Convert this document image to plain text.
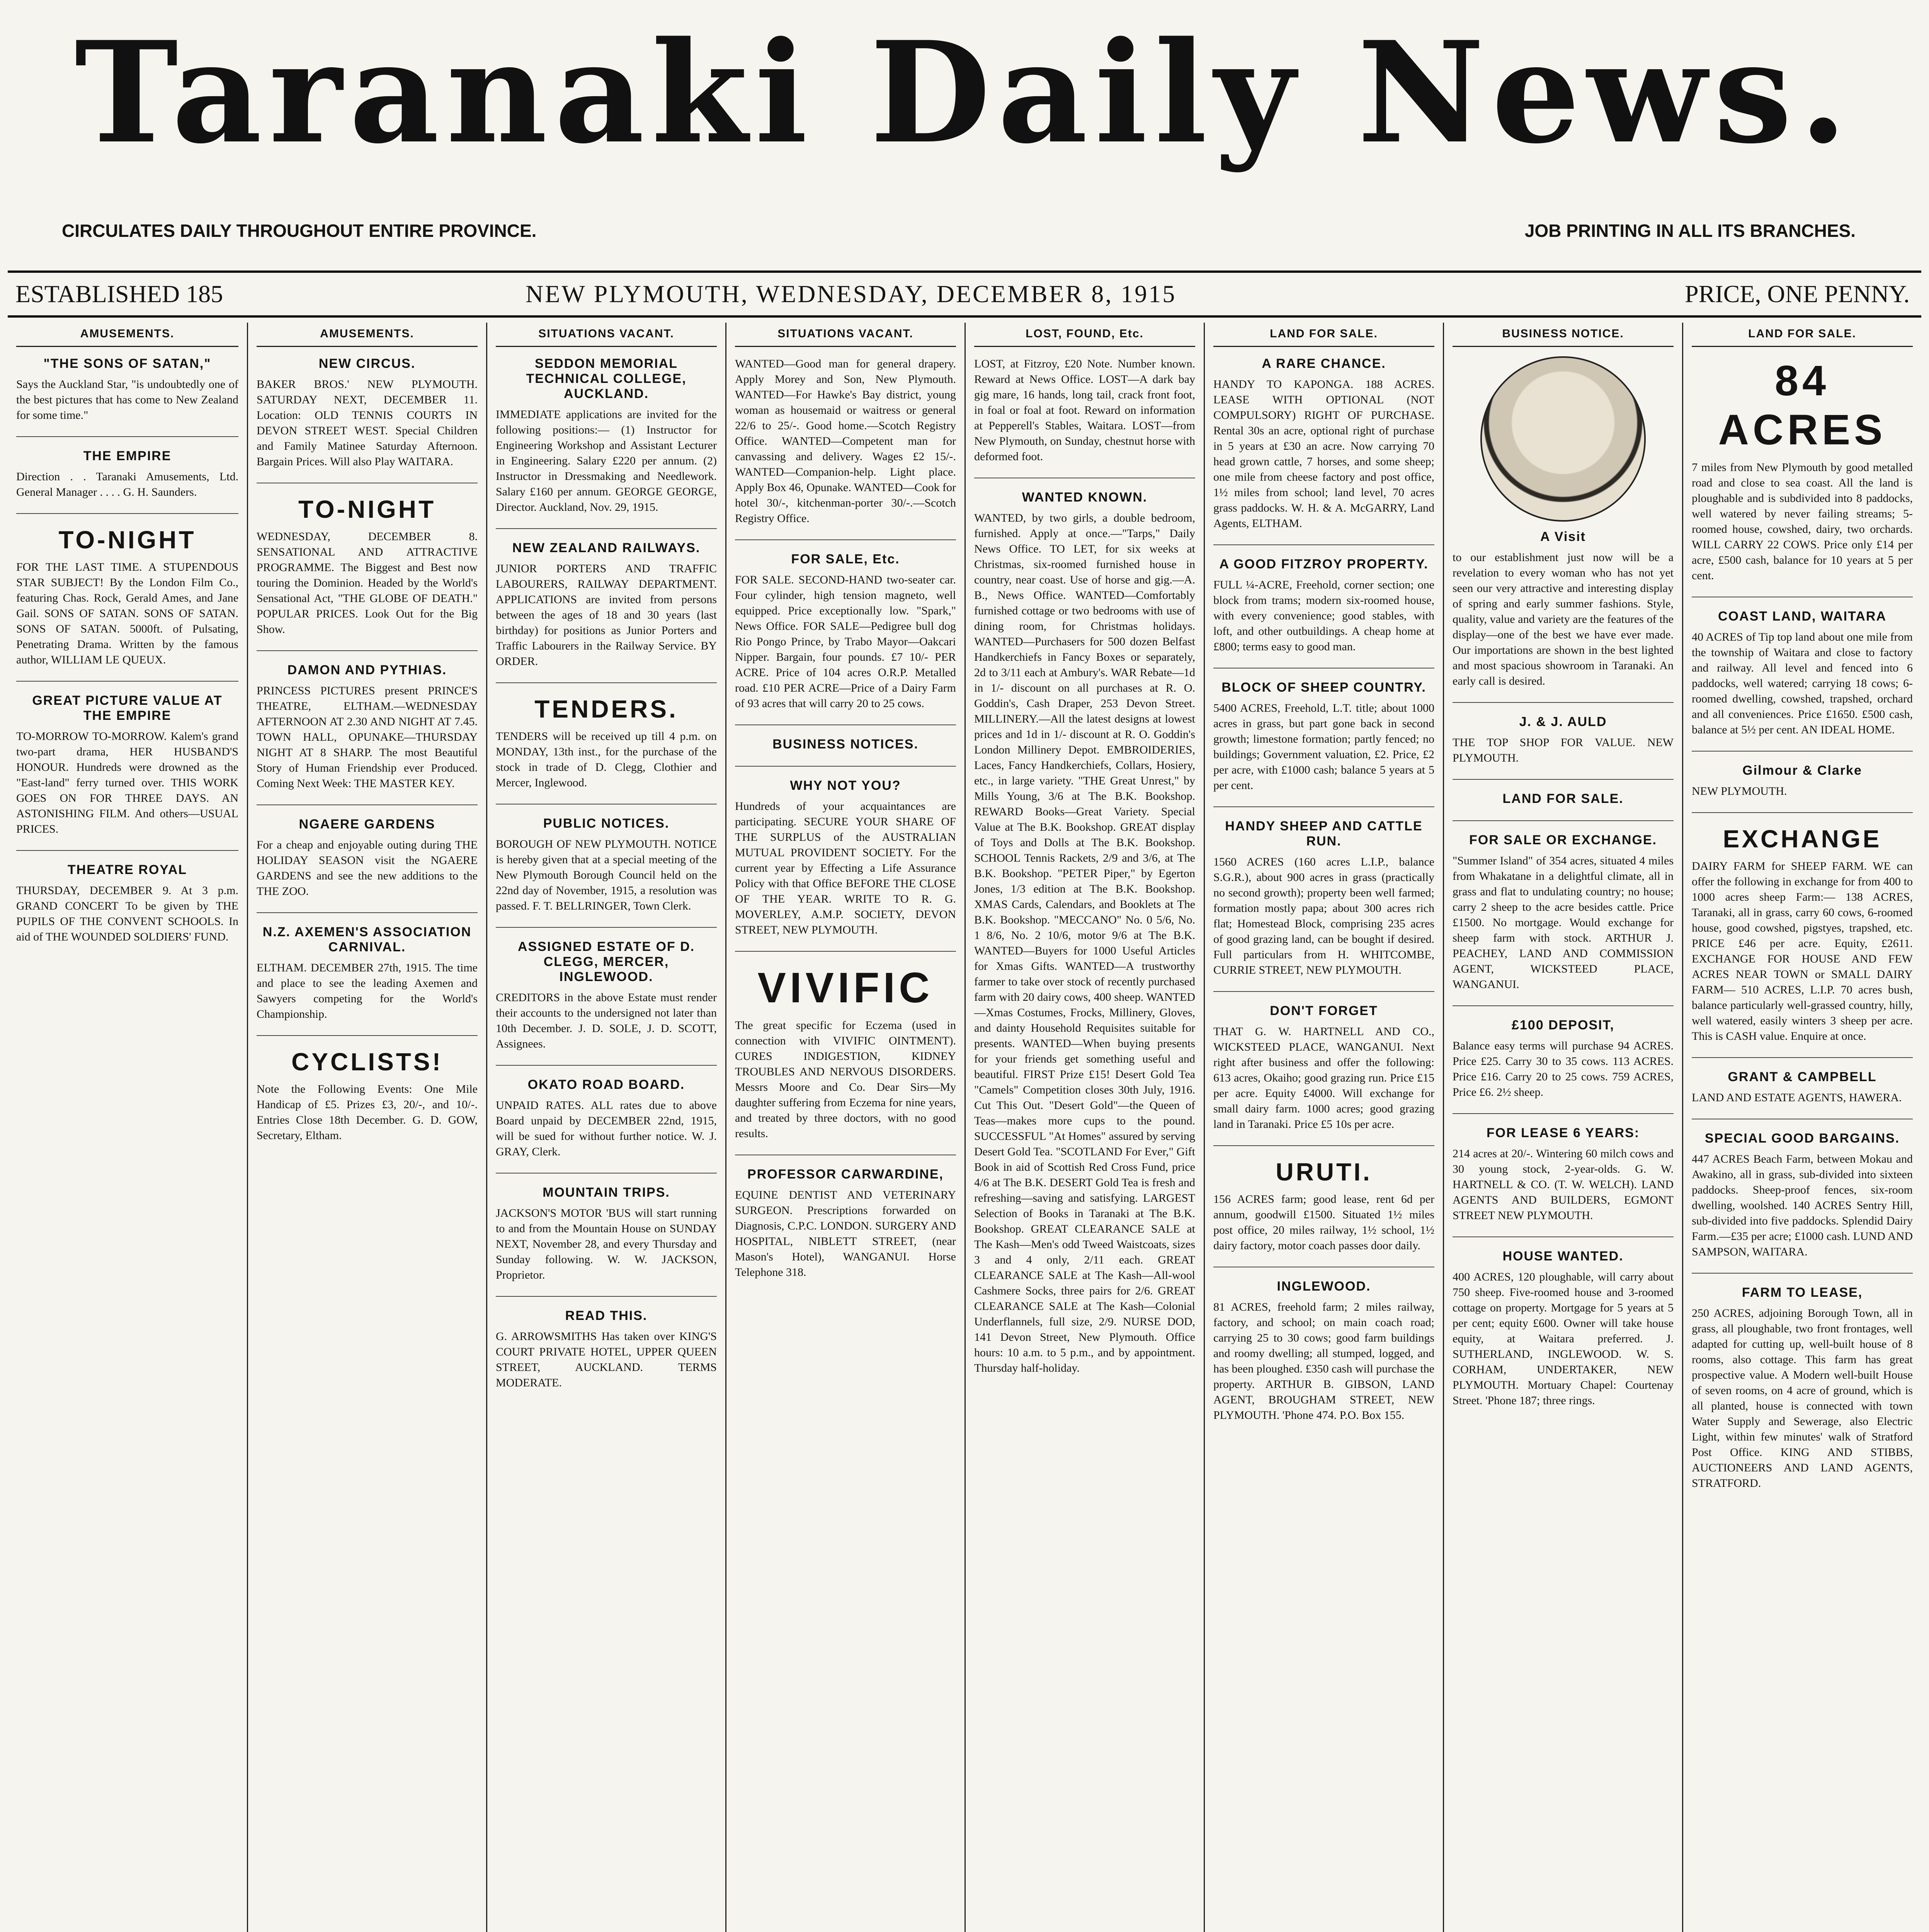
Taranaki Daily News.
CIRCULATES DAILY THROUGHOUT ENTIRE PROVINCE.	JOB PRINTING IN ALL ITS BRANCHES.
ESTABLISHED 185	NEW PLYMOUTH, WEDNESDAY, DECEMBER 8, 1915	PRICE, ONE PENNY.
AMUSEMENTS.
"THE SONS OF SATAN,"

Says the Auckland Star, "is undoubtedly one of the best pictures that has come to New Zealand for some time."

THE EMPIRE

Direction . . Taranaki Amusements, Ltd. General Manager . . . . G. H. Saunders.

TO-NIGHT

FOR THE LAST TIME. A STUPENDOUS STAR SUBJECT! By the London Film Co., featuring Chas. Rock, Gerald Ames, and Jane Gail. SONS OF SATAN. SONS OF SATAN. SONS OF SATAN. 5000ft. of Pulsating, Penetrating Drama. Written by the famous author, WILLIAM LE QUEUX.

GREAT PICTURE VALUE AT THE EMPIRE

TO-MORROW TO-MORROW. Kalem's grand two-part drama, HER HUSBAND'S HONOUR. Hundreds were drowned as the "East-land" ferry turned over. THIS WORK GOES ON FOR THREE DAYS. AN ASTONISHING FILM. And others—USUAL PRICES.

THEATRE ROYAL

THURSDAY, DECEMBER 9. At 3 p.m. GRAND CONCERT To be given by THE PUPILS OF THE CONVENT SCHOOLS. In aid of THE WOUNDED SOLDIERS' FUND.

AMUSEMENTS.
NEW CIRCUS.

BAKER BROS.' NEW PLYMOUTH. SATURDAY NEXT, DECEMBER 11. Location: OLD TENNIS COURTS IN DEVON STREET WEST. Special Children and Family Matinee Saturday Afternoon. Bargain Prices. Will also Play WAITARA.

TO-NIGHT

WEDNESDAY, DECEMBER 8. SENSATIONAL AND ATTRACTIVE PROGRAMME. The Biggest and Best now touring the Dominion. Headed by the World's Sensational Act, "THE GLOBE OF DEATH." POPULAR PRICES. Look Out for the Big Show.

DAMON AND PYTHIAS.

PRINCESS PICTURES present PRINCE'S THEATRE, ELTHAM.—WEDNESDAY AFTERNOON AT 2.30 AND NIGHT AT 7.45. TOWN HALL, OPUNAKE—THURSDAY NIGHT AT 8 SHARP. The most Beautiful Story of Human Friendship ever Produced. Coming Next Week: THE MASTER KEY.

NGAERE GARDENS

For a cheap and enjoyable outing during THE HOLIDAY SEASON visit the NGAERE GARDENS and see the new additions to the THE ZOO.

N.Z. AXEMEN'S ASSOCIATION CARNIVAL.

ELTHAM. DECEMBER 27th, 1915. The time and place to see the leading Axemen and Sawyers competing for the World's Championship.

CYCLISTS!

Note the Following Events: One Mile Handicap of £5. Prizes £3, 20/-, and 10/-. Entries Close 18th December. G. D. GOW, Secretary, Eltham.

SITUATIONS VACANT.
SEDDON MEMORIAL TECHNICAL COLLEGE, AUCKLAND.

IMMEDIATE applications are invited for the following positions:— (1) Instructor for Engineering Workshop and Assistant Lecturer in Engineering. Salary £220 per annum. (2) Instructor in Dressmaking and Needlework. Salary £160 per annum. GEORGE GEORGE, Director. Auckland, Nov. 29, 1915.

NEW ZEALAND RAILWAYS.

JUNIOR PORTERS AND TRAFFIC LABOURERS, RAILWAY DEPARTMENT. APPLICATIONS are invited from persons between the ages of 18 and 30 years (last birthday) for positions as Junior Porters and Traffic Labourers in the Railway Service. BY ORDER.

TENDERS.

TENDERS will be received up till 4 p.m. on MONDAY, 13th inst., for the purchase of the stock in trade of D. Clegg, Clothier and Mercer, Inglewood.

PUBLIC NOTICES.

BOROUGH OF NEW PLYMOUTH. NOTICE is hereby given that at a special meeting of the New Plymouth Borough Council held on the 22nd day of November, 1915, a resolution was passed. F. T. BELLRINGER, Town Clerk.

ASSIGNED ESTATE OF D. CLEGG, MERCER, INGLEWOOD.

CREDITORS in the above Estate must render their accounts to the undersigned not later than 10th December. J. D. SOLE, J. D. SCOTT, Assignees.

OKATO ROAD BOARD.

UNPAID RATES. ALL rates due to above Board unpaid by DECEMBER 22nd, 1915, will be sued for without further notice. W. J. GRAY, Clerk.

MOUNTAIN TRIPS.

JACKSON'S MOTOR 'BUS will start running to and from the Mountain House on SUNDAY NEXT, November 28, and every Thursday and Sunday following. W. W. JACKSON, Proprietor.

READ THIS.

G. ARROWSMITHS Has taken over KING'S COURT PRIVATE HOTEL, UPPER QUEEN STREET, AUCKLAND. TERMS MODERATE.

SITUATIONS VACANT.

WANTED—Good man for general drapery. Apply Morey and Son, New Plymouth. WANTED—For Hawke's Bay district, young woman as housemaid or waitress or general 22/6 to 25/-. Good home.—Scotch Registry Office. WANTED—Competent man for canvassing and delivery. Wages £2 15/-. WANTED—Companion-help. Light place. Apply Box 46, Opunake. WANTED—Cook for hotel 30/-, kitchenman-porter 30/-.—Scotch Registry Office.

FOR SALE, Etc.

FOR SALE. SECOND-HAND two-seater car. Four cylinder, high tension magneto, well equipped. Price exceptionally low. "Spark," News Office. FOR SALE—Pedigree bull dog Rio Pongo Prince, by Trabo Mayor—Oakcari Nipper. Bargain, four pounds. £7 10/- PER ACRE. Price of 104 acres O.R.P. Metalled road. £10 PER ACRE—Price of a Dairy Farm of 93 acres that will carry 20 to 25 cows.

BUSINESS NOTICES.
WHY NOT YOU?

Hundreds of your acquaintances are participating. SECURE YOUR SHARE OF THE SURPLUS of the AUSTRALIAN MUTUAL PROVIDENT SOCIETY. For the current year by Effecting a Life Assurance Policy with that Office BEFORE THE CLOSE OF THE YEAR. WRITE TO R. G. MOVERLEY, A.M.P. SOCIETY, DEVON STREET, NEW PLYMOUTH.

VIVIFIC

The great specific for Eczema (used in connection with VIVIFIC OINTMENT). CURES INDIGESTION, KIDNEY TROUBLES AND NERVOUS DISORDERS. Messrs Moore and Co. Dear Sirs—My daughter suffering from Eczema for nine years, and treated by three doctors, with no good results.

PROFESSOR CARWARDINE,

EQUINE DENTIST AND VETERINARY SURGEON. Prescriptions forwarded on Diagnosis, C.P.C. LONDON. SURGERY AND HOSPITAL, NIBLETT STREET, (near Mason's Hotel), WANGANUI. Horse Telephone 318.

LOST, FOUND, Etc.

LOST, at Fitzroy, £20 Note. Number known. Reward at News Office. LOST—A dark bay gig mare, 16 hands, long tail, crack front foot, in foal or foal at foot. Reward on information at Pepperell's Stables, Waitara. LOST—from New Plymouth, on Sunday, chestnut horse with deformed foot.

WANTED KNOWN.

WANTED, by two girls, a double bedroom, furnished. Apply at once.—"Tarps," Daily News Office. TO LET, for six weeks at Christmas, six-roomed furnished house in country, near coast. Use of horse and gig.—A. B., News Office. WANTED—Comfortably furnished cottage or two bedrooms with use of dining room, for Christmas holidays. WANTED—Purchasers for 500 dozen Belfast Handkerchiefs in Fancy Boxes or separately, 2d to 3/11 each at Ambury's. WAR Rebate—1d in 1/- discount on all purchases at R. O. Goddin's, Cash Draper, 253 Devon Street. MILLINERY.—All the latest designs at lowest prices and 1d in 1/- discount at R. O. Goddin's London Millinery Depot. EMBROIDERIES, Laces, Fancy Handkerchiefs, Collars, Hosiery, etc., in large variety. "THE Great Unrest," by Mills Young, 3/6 at The B.K. Bookshop. REWARD Books—Great Variety. Special Value at The B.K. Bookshop. GREAT display of Toys and Dolls at The B.K. Bookshop. SCHOOL Tennis Rackets, 2/9 and 3/6, at The B.K. Bookshop. "PETER Piper," by Egerton Jones, 1/3 edition at The B.K. Bookshop. XMAS Cards, Calendars, and Booklets at The B.K. Bookshop. "MECCANO" No. 0 5/6, No. 1 8/6, No. 2 10/6, motor 9/6 at The B.K. WANTED—Buyers for 1000 Useful Articles for Xmas Gifts. WANTED—A trustworthy farmer to take over stock of recently purchased farm with 20 dairy cows, 400 sheep. WANTED—Xmas Costumes, Frocks, Millinery, Gloves, and dainty Household Requisites suitable for presents. WANTED—When buying presents for your friends get something useful and beautiful. FIRST Prize £15! Desert Gold Tea "Camels" Competition closes 30th July, 1916. Cut This Out. "Desert Gold"—the Queen of Teas—makes more cups to the pound. SUCCESSFUL "At Homes" assured by serving Desert Gold Tea. "SCOTLAND For Ever," Gift Book in aid of Scottish Red Cross Fund, price 4/6 at The B.K. DESERT Gold Tea is fresh and refreshing—saving and satisfying. LARGEST Selection of Books in Taranaki at The B.K. Bookshop. GREAT CLEARANCE SALE at The Kash—Men's odd Tweed Waistcoats, sizes 3 and 4 only, 2/11 each. GREAT CLEARANCE SALE at The Kash—All-wool Cashmere Socks, three pairs for 2/6. GREAT CLEARANCE SALE at The Kash—Colonial Underflannels, full size, 2/9. NURSE DOD, 141 Devon Street, New Plymouth. Office hours: 10 a.m. to 5 p.m., and by appointment. Thursday half-holiday.

LAND FOR SALE.
A RARE CHANCE.

HANDY TO KAPONGA. 188 ACRES. LEASE WITH OPTIONAL (NOT COMPULSORY) RIGHT OF PURCHASE. Rental 30s an acre, optional right of purchase in 5 years at £30 an acre. Now carrying 70 head grown cattle, 7 horses, and some sheep; one mile from cheese factory and post office, 1½ miles from school; land level, 70 acres grass paddocks. W. H. & A. McGARRY, Land Agents, ELTHAM.

A GOOD FITZROY PROPERTY.

FULL ¼-ACRE, Freehold, corner section; one block from trams; modern six-roomed house, with every convenience; good stables, with loft, and other outbuildings. A cheap home at £800; terms easy to good man.

BLOCK OF SHEEP COUNTRY.

5400 ACRES, Freehold, L.T. title; about 1000 acres in grass, but part gone back in second growth; limestone formation; partly fenced; no buildings; Government valuation, £2. Price, £2 per acre, with £1000 cash; balance 5 years at 5 per cent.

HANDY SHEEP AND CATTLE RUN.

1560 ACRES (160 acres L.I.P., balance S.G.R.), about 900 acres in grass (practically no second growth); property been well farmed; formation mostly papa; about 300 acres rich flat; Homestead Block, comprising 235 acres of good grazing land, can be bought if desired. Full particulars from H. WHITCOMBE, CURRIE STREET, NEW PLYMOUTH.

DON'T FORGET

THAT G. W. HARTNELL AND CO., WICKSTEED PLACE, WANGANUI. Next right after business and offer the following: 613 acres, Okaiho; good grazing run. Price £15 per acre. Equity £4000. Will exchange for small dairy farm. 1000 acres; good grazing land in Taranaki. Price £5 10s per acre.

URUTI.

156 ACRES farm; good lease, rent 6d per annum, goodwill £1500. Situated 1½ miles post office, 20 miles railway, 1½ school, 1½ dairy factory, motor coach passes door daily.

INGLEWOOD.

81 ACRES, freehold farm; 2 miles railway, factory, and school; on main coach road; carrying 25 to 30 cows; good farm buildings and roomy dwelling; all stumped, logged, and has been ploughed. £350 cash will purchase the property. ARTHUR B. GIBSON, LAND AGENT, BROUGHAM STREET, NEW PLYMOUTH. 'Phone 474. P.O. Box 155.

BUSINESS NOTICE.
A Visit

to our establishment just now will be a revelation to every woman who has not yet seen our very attractive and interesting display of spring and early summer fashions. Style, quality, value and variety are the features of the display—one of the best we have ever made. Our importations are shown in the best lighted and most spacious showroom in Taranaki. An early call is desired.

J. & J. AULD

THE TOP SHOP FOR VALUE. NEW PLYMOUTH.

LAND FOR SALE.
FOR SALE OR EXCHANGE.

"Summer Island" of 354 acres, situated 4 miles from Whakatane in a delightful climate, all in grass and flat to undulating country; no house; carry 2 sheep to the acre besides cattle. Price £1500. No mortgage. Would exchange for sheep farm with stock. ARTHUR J. PEACHEY, LAND AND COMMISSION AGENT, WICKSTEED PLACE, WANGANUI.

£100 DEPOSIT,

Balance easy terms will purchase 94 ACRES. Price £25. Carry 30 to 35 cows. 113 ACRES. Price £16. Carry 20 to 25 cows. 759 ACRES, Price £6. 2½ sheep.

FOR LEASE 6 YEARS:

214 acres at 20/-. Wintering 60 milch cows and 30 young stock, 2-year-olds. G. W. HARTNELL & CO. (T. W. WELCH). LAND AGENTS AND BUILDERS, EGMONT STREET NEW PLYMOUTH.

HOUSE WANTED.

400 ACRES, 120 ploughable, will carry about 750 sheep. Five-roomed house and 3-roomed cottage on property. Mortgage for 5 years at 5 per cent; equity £600. Owner will take house equity, at Waitara preferred. J. SUTHERLAND, INGLEWOOD. W. S. CORHAM, UNDERTAKER, NEW PLYMOUTH. Mortuary Chapel: Courtenay Street. 'Phone 187; three rings.

LAND FOR SALE.
84 ACRES

7 miles from New Plymouth by good metalled road and close to sea coast. All the land is ploughable and is subdivided into 8 paddocks, well watered by never failing streams; 5-roomed house, cowshed, dairy, two orchards. WILL CARRY 22 COWS. Price only £14 per acre, £500 cash, balance for 10 years at 5 per cent.

COAST LAND, WAITARA

40 ACRES of Tip top land about one mile from the township of Waitara and close to factory and railway. All level and fenced into 6 paddocks, well watered; carrying 18 cows; 6-roomed dwelling, cowshed, trapshed, orchard and all conveniences. Price £1650. £500 cash, balance at 5½ per cent. AN IDEAL HOME.

Gilmour & Clarke

NEW PLYMOUTH.

EXCHANGE

DAIRY FARM for SHEEP FARM. WE can offer the following in exchange for from 400 to 1000 acres sheep Farm:— 138 ACRES, Taranaki, all in grass, carry 60 cows, 6-roomed house, good cowshed, pigstyes, trapshed, etc. PRICE £46 per acre. Equity, £2611. EXCHANGE FOR HOUSE AND FEW ACRES NEAR TOWN or SMALL DAIRY FARM— 510 ACRES, L.I.P. 70 acres bush, balance particularly well-grassed country, hilly, well watered, easily winters 3 sheep per acre. This is CASH value. Enquire at once.

GRANT & CAMPBELL

LAND AND ESTATE AGENTS, HAWERA.

SPECIAL GOOD BARGAINS.

447 ACRES Beach Farm, between Mokau and Awakino, all in grass, sub-divided into sixteen paddocks. Sheep-proof fences, six-room dwelling, woolshed. 140 ACRES Sentry Hill, sub-divided into five paddocks. Splendid Dairy Farm.—£35 per acre; £1000 cash. LUND AND SAMPSON, WAITARA.

FARM TO LEASE,

250 ACRES, adjoining Borough Town, all in grass, all ploughable, two front frontages, well adapted for cutting up, well-built house of 8 rooms, also cottage. This farm has great prospective value. A Modern well-built House of seven rooms, on 4 acre of ground, which is all planted, house is connected with town Water Supply and Sewerage, also Electric Light, within few minutes' walk of Stratford Post Office. KING AND STIBBS, AUCTIONEERS AND LAND AGENTS, STRATFORD.
